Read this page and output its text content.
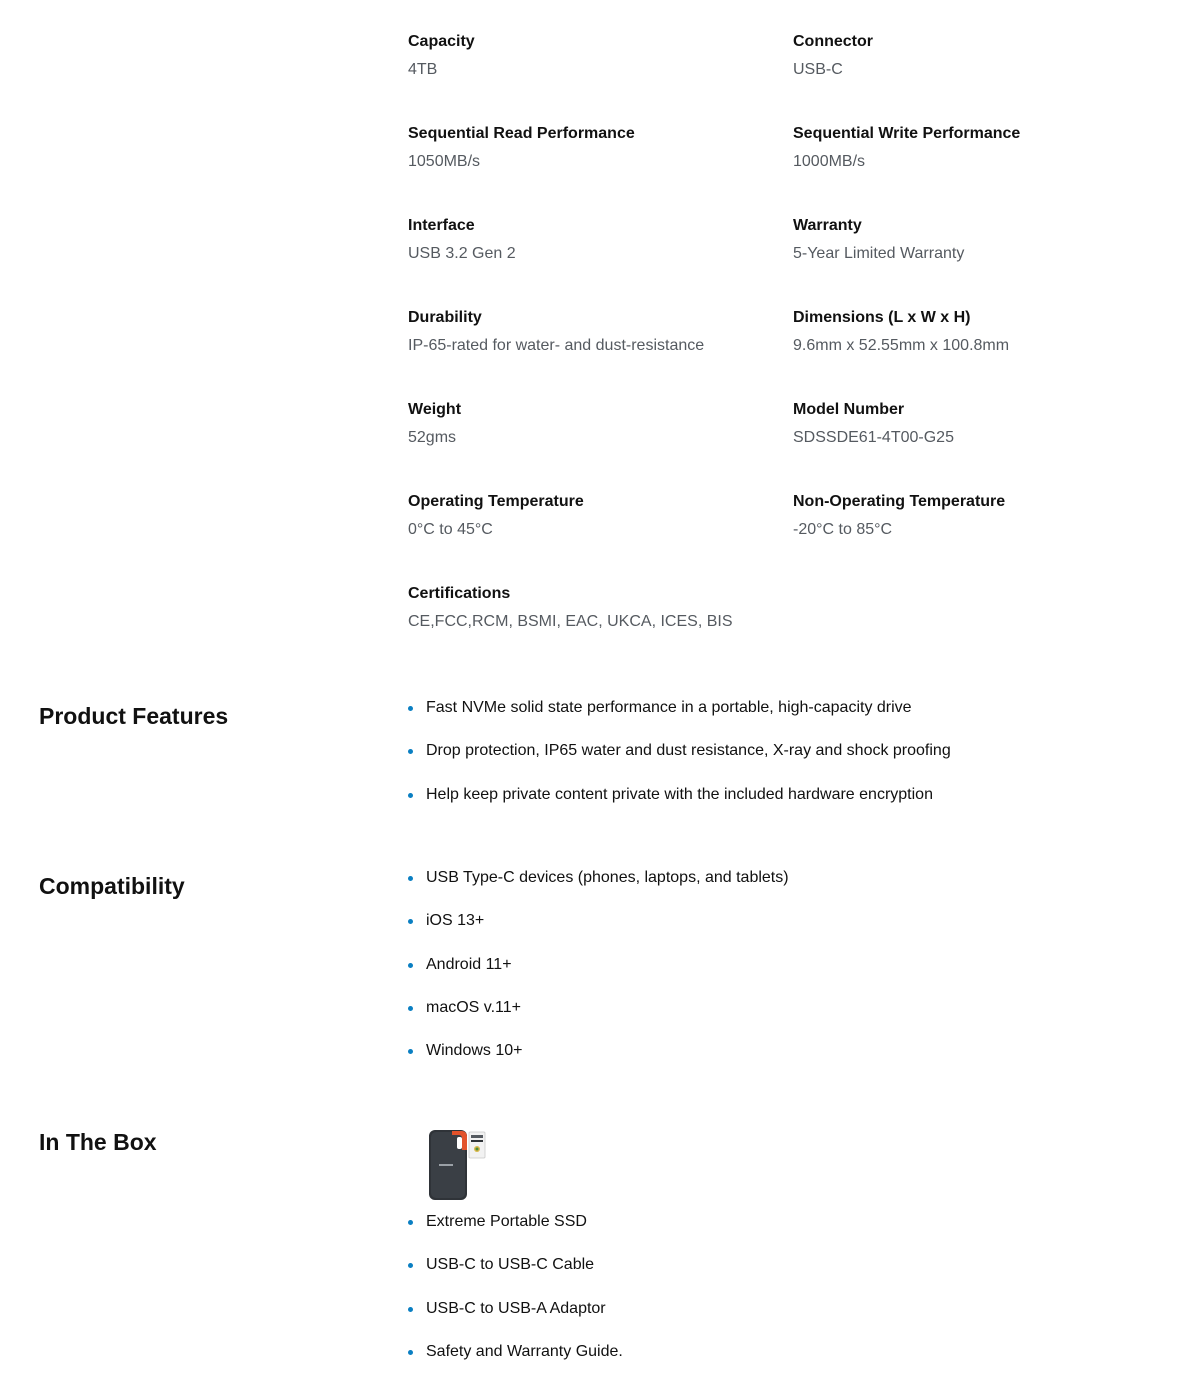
Capacity
4TB
Connector
USB-C
Sequential Read Performance
1050MB/s
Sequential Write Performance
1000MB/s
Interface
USB 3.2 Gen 2
Warranty
5-Year Limited Warranty
Durability
IP-65-rated for water- and dust-resistance
Dimensions (L x W x H)
9.6mm x 52.55mm x 100.8mm
Weight
52gms
Model Number
SDSSDE61-4T00-G25
Operating Temperature
0°C to 45°C
Non-Operating Temperature
-20°C to 85°C
Certifications
CE,FCC,RCM, BSMI, EAC, UKCA, ICES, BIS
Product Features	Fast NVMe solid state performance in a portable, high-capacity drive
Drop protection, IP65 water and dust resistance, X-ray and shock proofing
Help keep private content private with the included hardware encryption
Compatibility	USB Type-C devices (phones, laptops, and tablets)
iOS 13+
Android 11+
macOS v.11+
Windows 10+
In The Box
Extreme Portable SSD
USB-C to USB-C Cable
USB-C to USB-A Adaptor
Safety and Warranty Guide.
